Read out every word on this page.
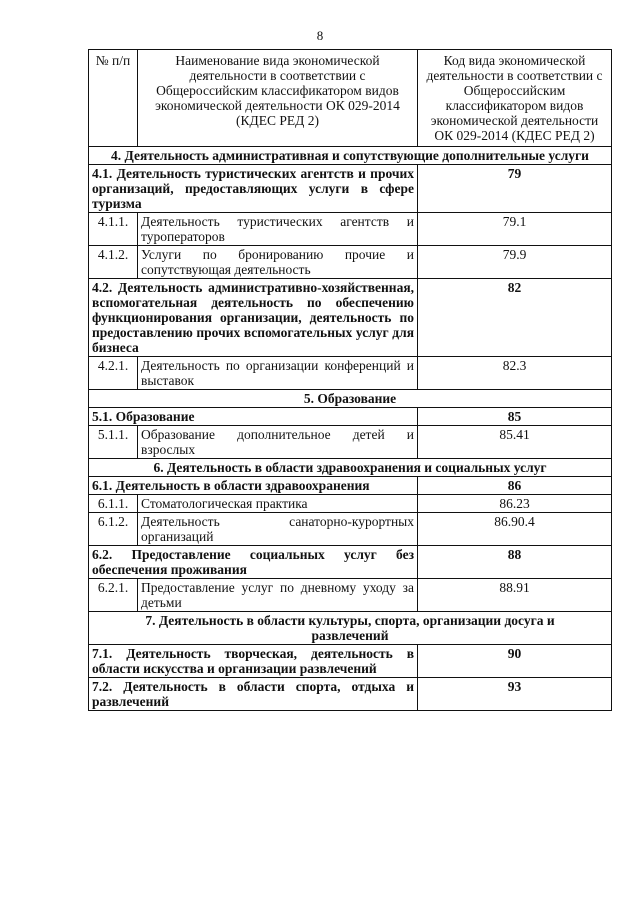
8
№ п/п	Наименование вида экономической деятельности в соответствии с Общероссийским классификатором видов экономической деятельности ОК 029-2014 (КДЕС РЕД 2)	Код вида экономической деятельности в соответствии с Общероссийским классификатором видов экономической деятельности ОК 029-2014 (КДЕС РЕД 2)
4. Деятельность административная и сопутствующие дополнительные услуги		
4.1. Деятельность туристических агентств и прочих организаций, предоставляющих услуги в сфере туризма		79
4.1.1.	Деятельность туристических агентств и туроператоров	79.1
4.1.2.	Услуги по бронированию прочие и сопутствующая деятельность	79.9
4.2. Деятельность административно-хозяйственная, вспомогательная деятельность по обеспечению функционирования организации, деятельность по предоставлению прочих вспомогательных услуг для бизнеса		82
4.2.1.	Деятельность по организации конференций и выставок	82.3
5. Образование		
5.1. Образование		85
5.1.1.	Образование дополнительное детей и взрослых	85.41
6. Деятельность в области здравоохранения и социальных услуг		
6.1. Деятельность в области здравоохранения		86
6.1.1.	Стоматологическая практика	86.23
6.1.2.	Деятельность санаторно-курортных организаций	86.90.4
6.2. Предоставление социальных услуг без обеспечения проживания		88
6.2.1.	Предоставление услуг по дневному уходу за детьми	88.91
7. Деятельность в области культуры, спорта, организации досуга и развлечений		
7.1. Деятельность творческая, деятельность в области искусства и организации развлечений		90
7.2. Деятельность в области спорта, отдыха и развлечений		93
